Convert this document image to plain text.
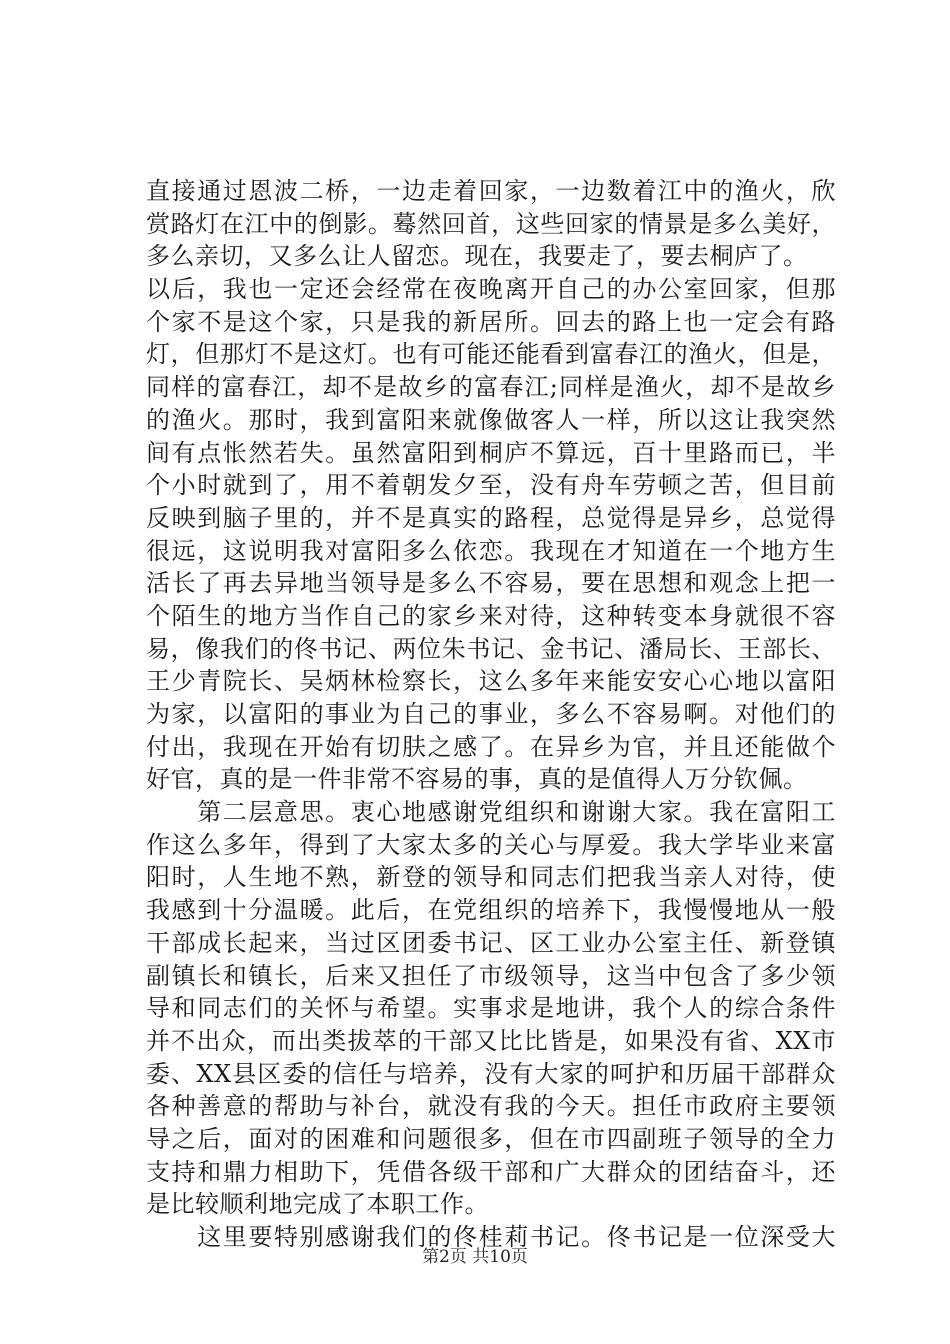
直接通过恩波二桥，一边走着回家，一边数着江中的渔火，欣
赏路灯在江中的倒影。蓦然回首，这些回家的情景是多么美好，
多么亲切，又多么让人留恋。现在，我要走了，要去桐庐了。
以后，我也一定还会经常在夜晚离开自己的办公室回家，但那
个家不是这个家，只是我的新居所。回去的路上也一定会有路
灯，但那灯不是这灯。也有可能还能看到富春江的渔火，但是，
同样的富春江，却不是故乡的富春江;同样是渔火，却不是故乡
的渔火。那时，我到富阳来就像做客人一样，所以这让我突然
间有点怅然若失。虽然富阳到桐庐不算远，百十里路而已，半
个小时就到了，用不着朝发夕至，没有舟车劳顿之苦，但目前
反映到脑子里的，并不是真实的路程，总觉得是异乡，总觉得
很远，这说明我对富阳多么依恋。我现在才知道在一个地方生
活长了再去异地当领导是多么不容易，要在思想和观念上把一
个陌生的地方当作自己的家乡来对待，这种转变本身就很不容
易，像我们的佟书记、两位朱书记、金书记、潘局长、王部长、
王少青院长、吴炳林检察长，这么多年来能安安心心地以富阳
为家，以富阳的事业为自己的事业，多么不容易啊。对他们的
付出，我现在开始有切肤之感了。在异乡为官，并且还能做个
好官，真的是一件非常不容易的事，真的是值得人万分钦佩。
　　第二层意思。衷心地感谢党组织和谢谢大家。我在富阳工
作这么多年，得到了大家太多的关心与厚爱。我大学毕业来富
阳时，人生地不熟，新登的领导和同志们把我当亲人对待，使
我感到十分温暖。此后，在党组织的培养下，我慢慢地从一般
干部成长起来，当过区团委书记、区工业办公室主任、新登镇
副镇长和镇长，后来又担任了市级领导，这当中包含了多少领
导和同志们的关怀与希望。实事求是地讲，我个人的综合条件
并不出众，而出类拔萃的干部又比比皆是，如果没有省、XX市
委、XX县区委的信任与培养，没有大家的呵护和历届干部群众
各种善意的帮助与补台，就没有我的今天。担任市政府主要领
导之后，面对的困难和问题很多，但在市四副班子领导的全力
支持和鼎力相助下，凭借各级干部和广大群众的团结奋斗，还
是比较顺利地完成了本职工作。
　　这里要特别感谢我们的佟桂莉书记。佟书记是一位深受大
第2页 共10页
